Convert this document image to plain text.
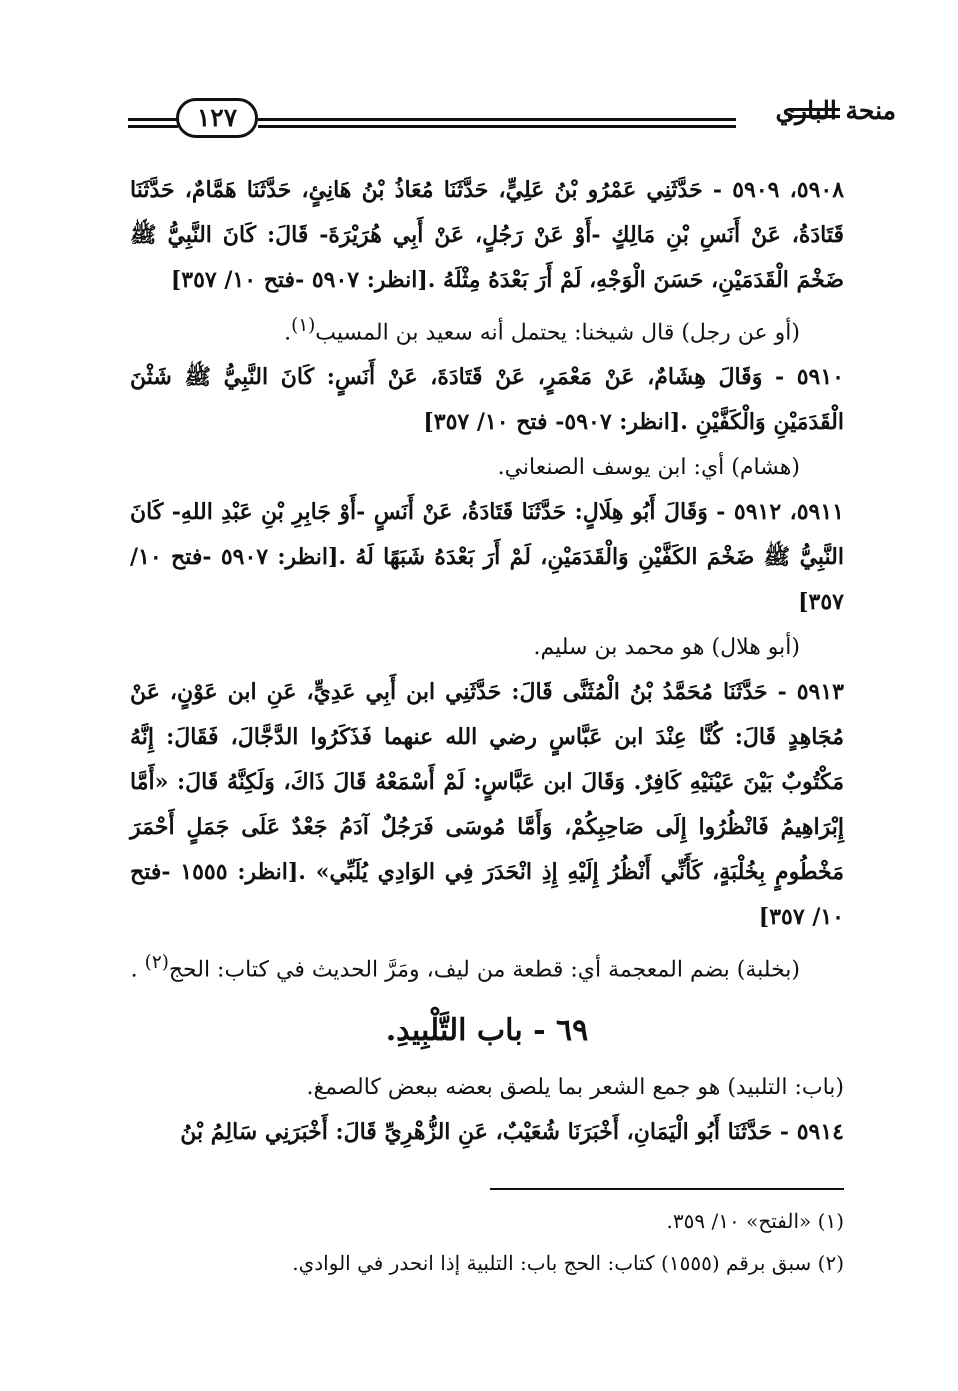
١٢٧	منحة الباري

٥٩٠٨، ٥٩٠٩ - حَدَّثَنِي عَمْرُو بْنُ عَلِيٍّ، حَدَّثَنَا مُعَاذُ بْنُ هَانِئٍ، حَدَّثَنَا هَمَّامٌ، حَدَّثَنَا قَتَادَةُ، عَنْ أَنَسِ بْنِ مَالِكٍ -أَوْ عَنْ رَجُلٍ، عَنْ أَبِي هُرَيْرَةَ- قَالَ: كَانَ النَّبِيُّ ﷺ ضَخْمَ الْقَدَمَيْنِ، حَسَنَ الْوَجْهِ، لَمْ أَرَ بَعْدَهُ مِثْلَهُ .[انظر: ٥٩٠٧ -فتح ١٠/ ٣٥٧]

(أو عن رجل) قال شيخنا: يحتمل أنه سعيد بن المسيب$^{(١)}$.

٥٩١٠ - وَقَالَ هِشَامٌ، عَنْ مَعْمَرٍ، عَنْ قَتَادَةَ، عَنْ أَنَسٍ: كَانَ النَّبِيُّ ﷺ شَثْنَ الْقَدَمَيْنِ وَالْكَفَّيْنِ .[انظر: ٥٩٠٧- فتح ١٠/ ٣٥٧]

(هشام) أي: ابن يوسف الصنعاني.

٥٩١١، ٥٩١٢ - وَقَالَ أَبُو هِلَالٍ: حَدَّثَنَا قَتَادَةُ، عَنْ أَنَسٍ -أَوْ جَابِرِ بْنِ عَبْدِ اللهِ- كَانَ النَّبِيُّ ﷺ ضَخْمَ الكَفَّيْنِ وَالْقَدَمَيْنِ، لَمْ أَرَ بَعْدَهُ شَبَهًا لَهُ .[انظر: ٥٩٠٧ -فتح ١٠/ ٣٥٧]

(أبو هلال) هو محمد بن سليم.

٥٩١٣ - حَدَّثَنَا مُحَمَّدُ بْنُ الْمُثَنَّى قَالَ: حَدَّثَنِي ابن أَبِي عَدِيٍّ، عَنِ ابن عَوْنٍ، عَنْ مُجَاهِدٍ قَالَ: كُنَّا عِنْدَ ابن عَبَّاسٍ رضي الله عنهما فَذَكَرُوا الدَّجَّالَ، فَقَالَ: إِنَّهُ مَكْتُوبٌ بَيْنَ عَيْنَيْهِ كَافِرٌ. وَقَالَ ابن عَبَّاسٍ: لَمْ أَسْمَعْهُ قَالَ ذَاكَ، وَلَكِنَّهُ قَالَ: «أَمَّا إِبْرَاهِيمُ فَانْظُرُوا إِلَى صَاحِبِكُمْ، وَأَمَّا مُوسَى فَرَجُلٌ آدَمُ جَعْدٌ عَلَى جَمَلٍ أَحْمَرَ مَخْطُومٍ بِخُلْبَةٍ، كَأَنِّي أَنْظُرُ إِلَيْهِ إِذِ انْحَدَرَ فِي الوَادِي يُلَبِّي» .[انظر: ١٥٥٥ -فتح ١٠/ ٣٥٧]

(بخلبة) بضم المعجمة أي: قطعة من ليف، ومَرَّ الحديث في كتاب: الحج$^{(٢)}$ .

٦٩ - باب التَّلْبِيدِ.

(باب: التلبيد) هو جمع الشعر بما يلصق بعضه ببعض كالصمغ.

٥٩١٤ - حَدَّثَنَا أَبُو الْيَمَانِ، أَخْبَرَنَا شُعَيْبٌ، عَنِ الزُّهْرِيِّ قَالَ: أَخْبَرَنِي سَالِمُ بْنُ

(١) «الفتح» ١٠/ ٣٥٩.

(٢) سبق برقم (١٥٥٥) كتاب: الحج باب: التلبية إذا انحدر في الوادي.
